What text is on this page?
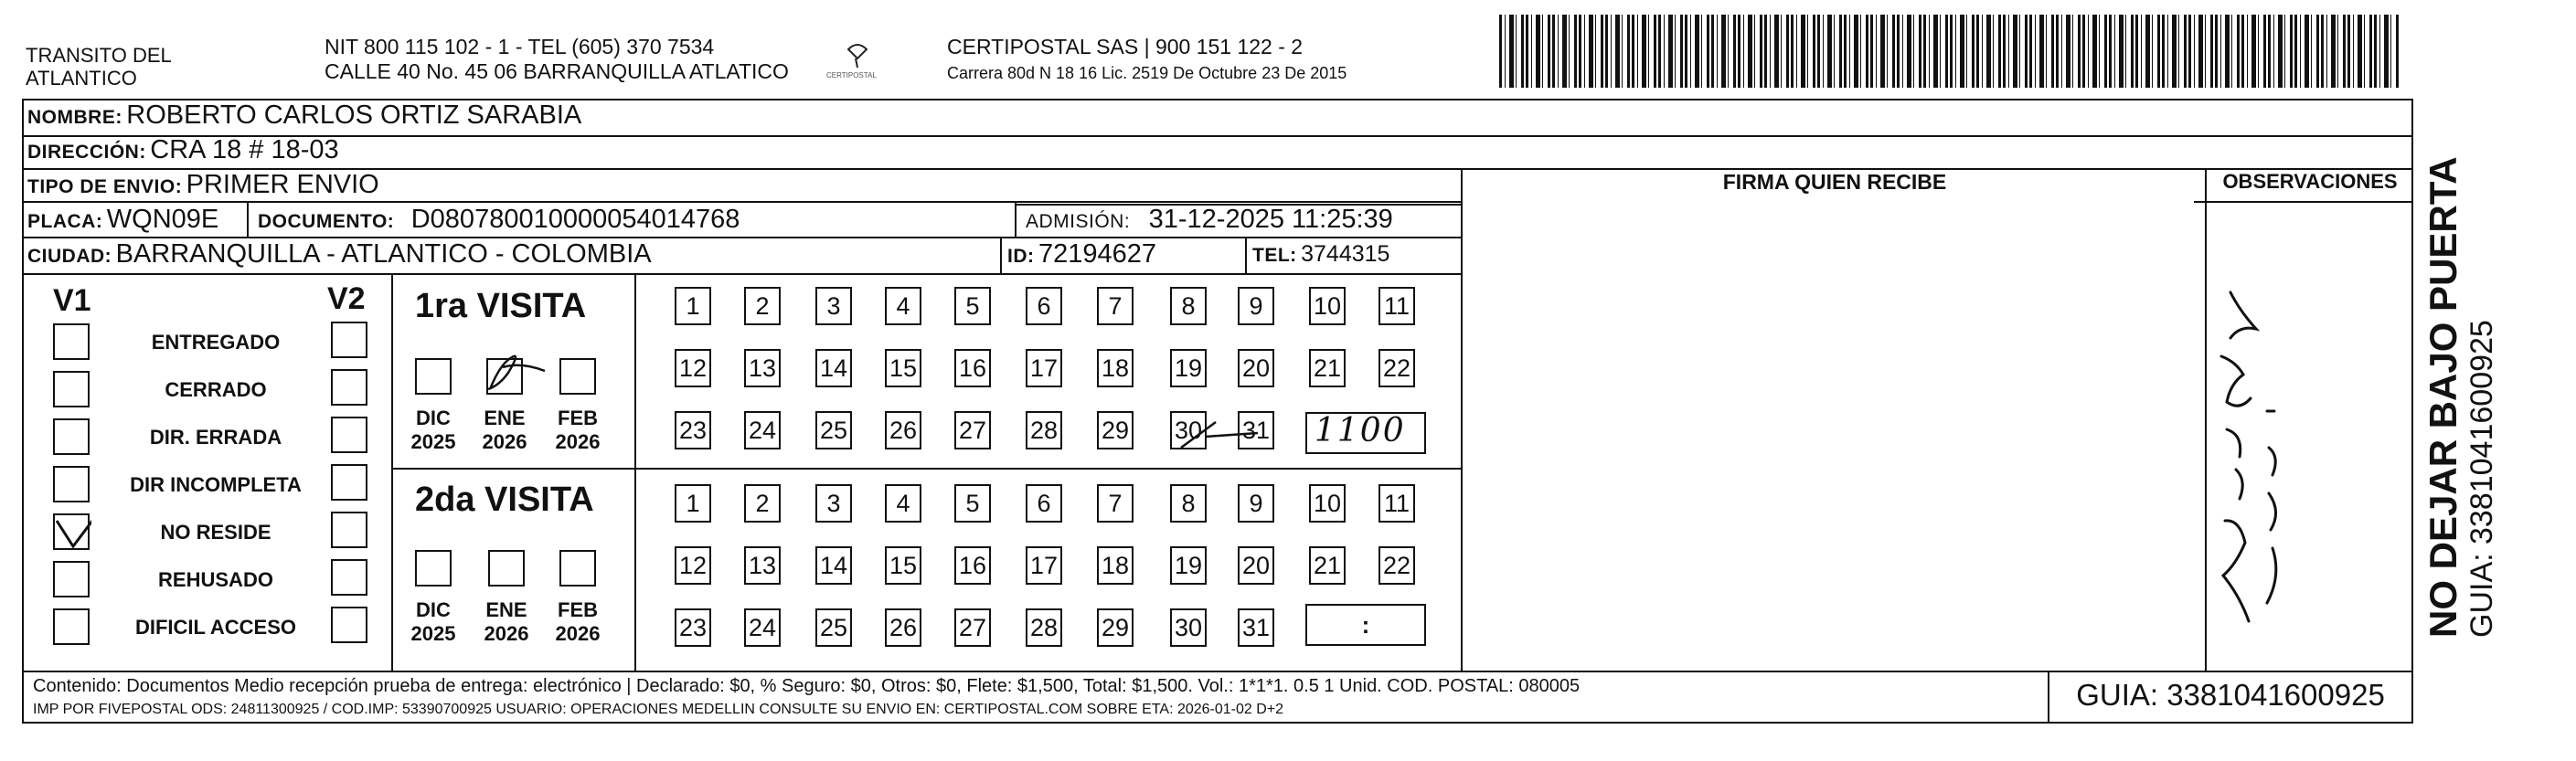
TRANSITO DEL
ATLANTICO
NIT 800 115 102 - 1 - TEL (605) 370 7534
CALLE 40 No. 45 06 BARRANQUILLA ATLATICO	CERTIPOSTAL
CERTIPOSTAL SAS | 900 151 122 - 2
Carrera 80d N 18 16 Lic. 2519 De Octubre 23 De 2015
NOMBRE: ROBERTO CARLOS ORTIZ SARABIA
DIRECCIÓN: CRA 18 # 18-03
TIPO DE ENVIO: PRIMER ENVIO	FIRMA QUIEN RECIBE	OBSERVACIONES
PLACA: WQN09E DOCUMENTO: D080780010000054014768	ADMISIÓN: 31-12-2025 11:25:39
CIUDAD: BARRANQUILLA - ATLANTICO - COLOMBIA	ID: 72194627	TEL: 3744315
V1	V2
ENTREGADO
CERRADO
DIR. ERRADA
DIR INCOMPLETA
NO RESIDE
REHUSADO
DIFICIL ACCESO
1ra VISITA
DIC
2025
ENE
2026
FEB
2026
1	2	3	4	5	6	7	8	9	10 11
12 13 14 15 16 17 18 19 20 21 22
23 24 25 26 27 28 29 30 31 1100
2da VISITA
DIC
2025
ENE
2026
FEB
2026
1	2	3	4	5	6	7	8	9	10 11
12 13 14 15 16 17 18 19 20 21 22
23 24 25 26 27 28 29 30 31	:
Contenido: Documentos Medio recepción prueba de entrega: electrónico | Declarado: $0, % Seguro: $0, Otros: $0, Flete: $1,500, Total: $1,500. Vol.: 1*1*1. 0.5 1 Unid. COD. POSTAL: 080005
IMP POR FIVEPOSTAL ODS: 24811300925 / COD.IMP: 53390700925 USUARIO: OPERACIONES MEDELLIN CONSULTE SU ENVIO EN: CERTIPOSTAL.COM SOBRE ETA: 2026-01-02 D+2	GUIA: 3381041600925
NO DEJAR BAJO PUERTA GUIA: 3381041600925
